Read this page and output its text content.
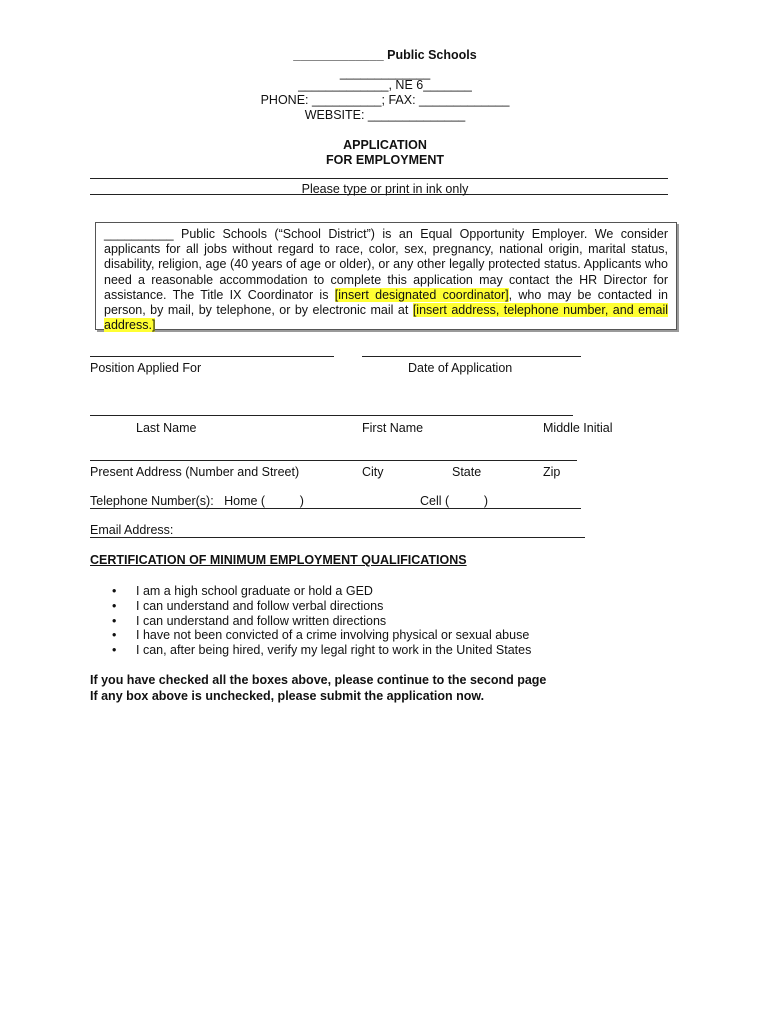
_____________ Public Schools
_____________
_____________, NE 6_______
PHONE: __________; FAX: _____________
WEBSITE: ______________
APPLICATION
FOR EMPLOYMENT
Please type or print in ink only
__________ Public Schools (“School District”) is an Equal Opportunity Employer. We consider applicants for all jobs without regard to race, color, sex, pregnancy, national origin, marital status, disability, religion, age (40 years of age or older), or any other legally protected status. Applicants who need a reasonable accommodation to complete this application may contact the HR Director for assistance. The Title IX Coordinator is [insert designated coordinator], who may be contacted in person, by mail, by telephone, or by electronic mail at [insert address, telephone number, and email address.]
Position Applied For	Date of Application
Last Name	First Name	Middle Initial
Present Address (Number and Street)	City	State	Zip
Telephone Number(s):   Home (          )	Cell (          )
Email Address:
CERTIFICATION OF MINIMUM EMPLOYMENT QUALIFICATIONS
• I am a high school graduate or hold a GED
• I can understand and follow verbal directions
• I can understand and follow written directions
• I have not been convicted of a crime involving physical or sexual abuse
• I can, after being hired, verify my legal right to work in the United States
If you have checked all the boxes above, please continue to the second page
If any box above is unchecked, please submit the application now.
